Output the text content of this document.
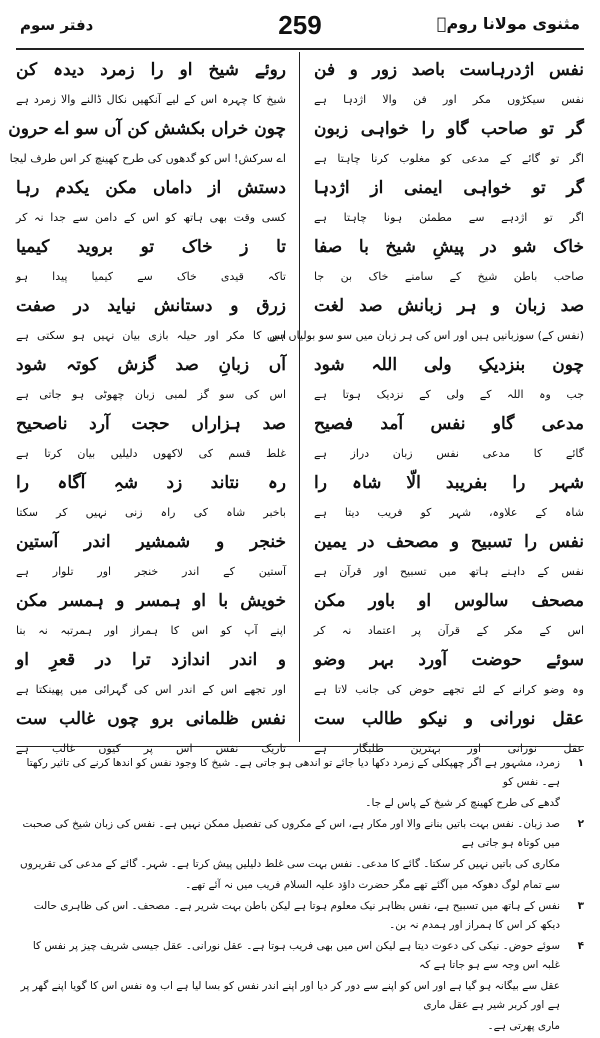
دفتر سوم	259	مثنوی مولانا رومؒ
نفس اژدرہاست باصد زور و فن
نفس سیکڑوں مکر اور فن والا اژدہا ہے
گر تو صاحب گاو را خواہی زبون
اگر تو گائے کے مدعی کو مغلوب کرنا چاہتا ہے
گر تو خواہی ایمنی از اژدہا
اگر تو اژدہے سے مطمئن ہونا چاہتا ہے
خاک شو در پیشِ شیخ با صفا
صاحب باطن شیخ کے سامنے خاک بن جا
صد زبان و ہر زبانش صد لغت
(نفس کے) سوزبانیں ہیں اور اس کی ہر زبان میں سو سو بولیاں ہیں
چون بنزدیکِ ولی اللہ شود
جب وہ اللہ کے ولی کے نزدیک ہوتا ہے
مدعی گاو نفس آمد فصیح
گائے کا مدعی نفس زبان دراز ہے
شہر را بفریبد الّا شاہ را
شاہ کے علاوہ، شہر کو فریب دیتا ہے
نفس را تسبیح و مصحف در یمین
نفس کے داہنے ہاتھ میں تسبیح اور قرآن ہے
مصحف سالوس او باور مکن
اس کے مکر کے قرآن پر اعتماد نہ کر
سوئے حوضت آورد بہر وضو
وہ وضو کرانے کے لئے تجھے حوض کی جانب لاتا ہے
عقل نورانی و نیکو طالب ست
عقل نورانی اور بہترین طلبگار ہے
روئے شیخ او را زمرد دیدہ کن
شیخ کا چہرہ اس کے لیے آنکھیں نکال ڈالنے والا زمرد ہے
چون خراں بکشش کن آں سو اے حرون
اے سرکش! اس کو گدھوں کی طرح کھینچ کر اس طرف لیجا
دستش از داماں مکن یکدم رہا
کسی وقت بھی ہاتھ کو اس کے دامن سے جدا نہ کر
تا ز خاک تو بروید کیمیا
تاکہ قیدی خاک سے کیمیا پیدا ہو
زرق و دستانش نیاید در صفت
اس کا مکر اور حیلہ بازی بیان نہیں ہو سکتی ہے
آں زبانِ صد گزش کوتہ شود
اس کی سو گز لمبی زبان چھوٹی ہو جاتی ہے
صد ہزاراں حجت آرد ناصحیح
غلط قسم کی لاکھوں دلیلیں بیان کرتا ہے
رہ نتاند زد شہِ آگاہ را
باخبر شاہ کی راہ زنی نہیں کر سکتا
خنجر و شمشیر اندر آستین
آستین کے اندر خنجر اور تلوار ہے
خویش با او ہمسر و ہمسر مکن
اپنے آپ کو اس کا ہمراز اور ہمرتبہ نہ بنا
و اندر اندازد ترا در قعرِ او
اور تجھے اس کے اندر اس کی گہرائی میں پھینکتا ہے
نفس ظلمانی برو چوں غالب ست
تاریک نفس اس پر کیوں غالب ہے
۱
زمرد، مشہور ہے اگر چھپکلی کے زمرد دکھا دیا جائے تو اندھی ہو جاتی ہے۔ شیخ کا وجود نفس کو اندھا کرنے کی تاثیر رکھتا ہے۔ نفس کو
گدھے کی طرح کھینچ کر شیخ کے پاس لے جا۔
۲
صد زبان۔ نفس بہت باتیں بنانے والا اور مکار ہے، اس کے مکروں کی تفصیل ممکن نہیں ہے۔ نفس کی زبان شیخ کی صحبت میں کوتاہ ہو جاتی ہے
مکاری کی باتیں نہیں کر سکتا۔ گائے کا مدعی۔ نفس بہت سی غلط دلیلیں پیش کرتا ہے۔ شہر۔ گائے کے مدعی کی تقریروں
سے تمام لوگ دھوکہ میں آگئے تھے مگر حضرت داؤد علیہ السلام فریب میں نہ آئے تھے۔
۳
نفس کے ہاتھ میں تسبیح ہے، نفس بظاہر نیک معلوم ہوتا ہے لیکن باطن بہت شریر ہے۔ مصحف۔ اس کی ظاہری حالت دیکھ کر اس کا ہمراز اور ہمدم نہ بن۔
۴
سوئے حوض۔ نیکی کی دعوت دیتا ہے لیکن اس میں بھی فریب ہوتا ہے۔ عقل نورانی۔ عقل جیسی شریف چیز پر نفس کا غلبہ اس وجہ سے ہو جاتا ہے کہ
عقل سے بیگانہ ہو گیا ہے اور اس کو اپنے سے دور کر دیا اور اپنے اندر نفس کو بسا لیا ہے اب وہ نفس اس کا گویا اپنے گھر پر ہے اور کربر شیر ہے عقل ماری
ماری پھرتی ہے۔
